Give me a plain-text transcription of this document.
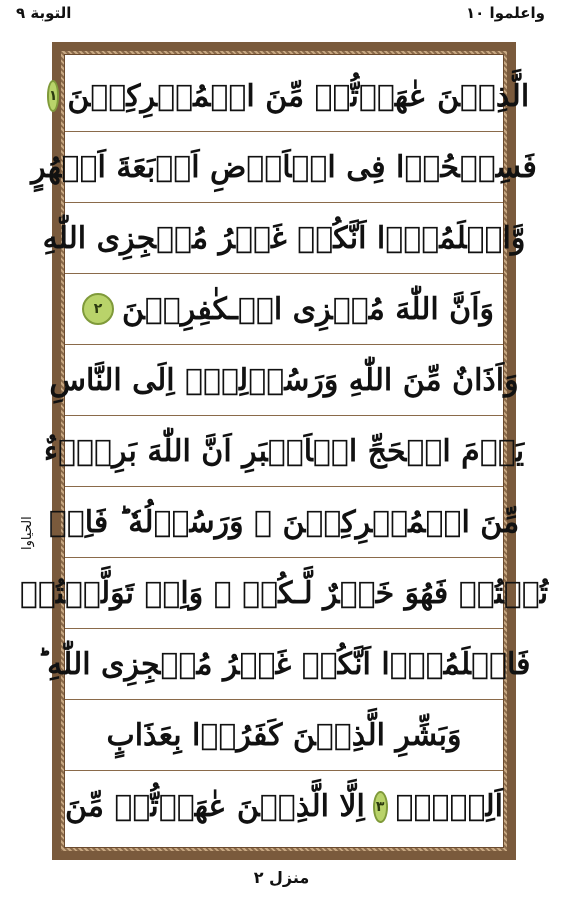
التوبة ٩	واعلموا ١٠
الحياوا
الَّذِيۡنَ عٰهَدۡتُّمۡ مِّنَ الۡمُشۡرِكِيۡنَ
١
فَسِيۡحُوۡا فِى الۡاَرۡضِ اَرۡبَعَةَ اَشۡهُرٍ
وَّاعۡلَمُوۡۤا اَنَّكُمۡ غَيۡرُ مُعۡجِزِى اللّٰهِ
وَاَنَّ اللّٰهَ مُخۡزِى الۡـكٰفِرِيۡنَ
٢
وَاَذَانٌ مِّنَ اللّٰهِ وَرَسُوۡلِهٖۤ اِلَى النَّاسِ
يَوۡمَ الۡحَجِّ الۡاَكۡبَرِ اَنَّ اللّٰهَ بَرِىۡٓءٌ
مِّنَ الۡمُشۡرِكِيۡنَ ۙ وَرَسُوۡلُهٗ ؕ فَاِنۡ
تُبۡتُمۡ فَهُوَ خَيۡرٌ لَّـكُمۡ ۚ وَاِنۡ تَوَلَّيۡتُمۡ
فَاعۡلَمُوۡۤا اَنَّكُمۡ غَيۡرُ مُعۡجِزِى اللّٰهِ ؕ
وَبَشِّرِ الَّذِيۡنَ كَفَرُوۡا بِعَذَابٍ
اَلِيۡمٍۙ
٣
اِلَّا الَّذِيۡنَ عٰهَدۡتُّمۡ مِّنَ
منزل ٢
